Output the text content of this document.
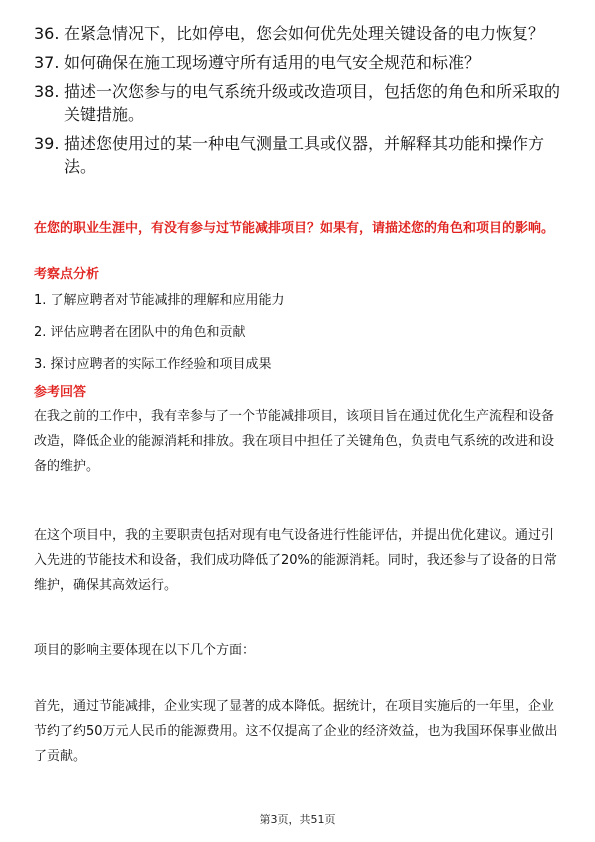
36. 在紧急情况下，比如停电，您会如何优先处理关键设备的电力恢复？
37. 如何确保在施工现场遵守所有适用的电气安全规范和标准？
38. 描述一次您参与的电气系统升级或改造项目，包括您的角色和所采取的关键措施。
39. 描述您使用过的某一种电气测量工具或仪器，并解释其功能和操作方法。

在您的职业生涯中，有没有参与过节能减排项目？如果有，请描述您的角色和项目的影响。

考察点分析
1. 了解应聘者对节能减排的理解和应用能力
2. 评估应聘者在团队中的角色和贡献
3. 探讨应聘者的实际工作经验和项目成果
参考回答

在我之前的工作中，我有幸参与了一个节能减排项目，该项目旨在通过优化生产流程和设备改造，降低企业的能源消耗和排放。我在项目中担任了关键角色，负责电气系统的改进和设备的维护。

在这个项目中，我的主要职责包括对现有电气设备进行性能评估，并提出优化建议。通过引入先进的节能技术和设备，我们成功降低了20%的能源消耗。同时，我还参与了设备的日常维护，确保其高效运行。

项目的影响主要体现在以下几个方面：

首先，通过节能减排，企业实现了显著的成本降低。据统计，在项目实施后的一年里，企业节约了约50万元人民币的能源费用。这不仅提高了企业的经济效益，也为我国环保事业做出了贡献。

第3页，共51页
